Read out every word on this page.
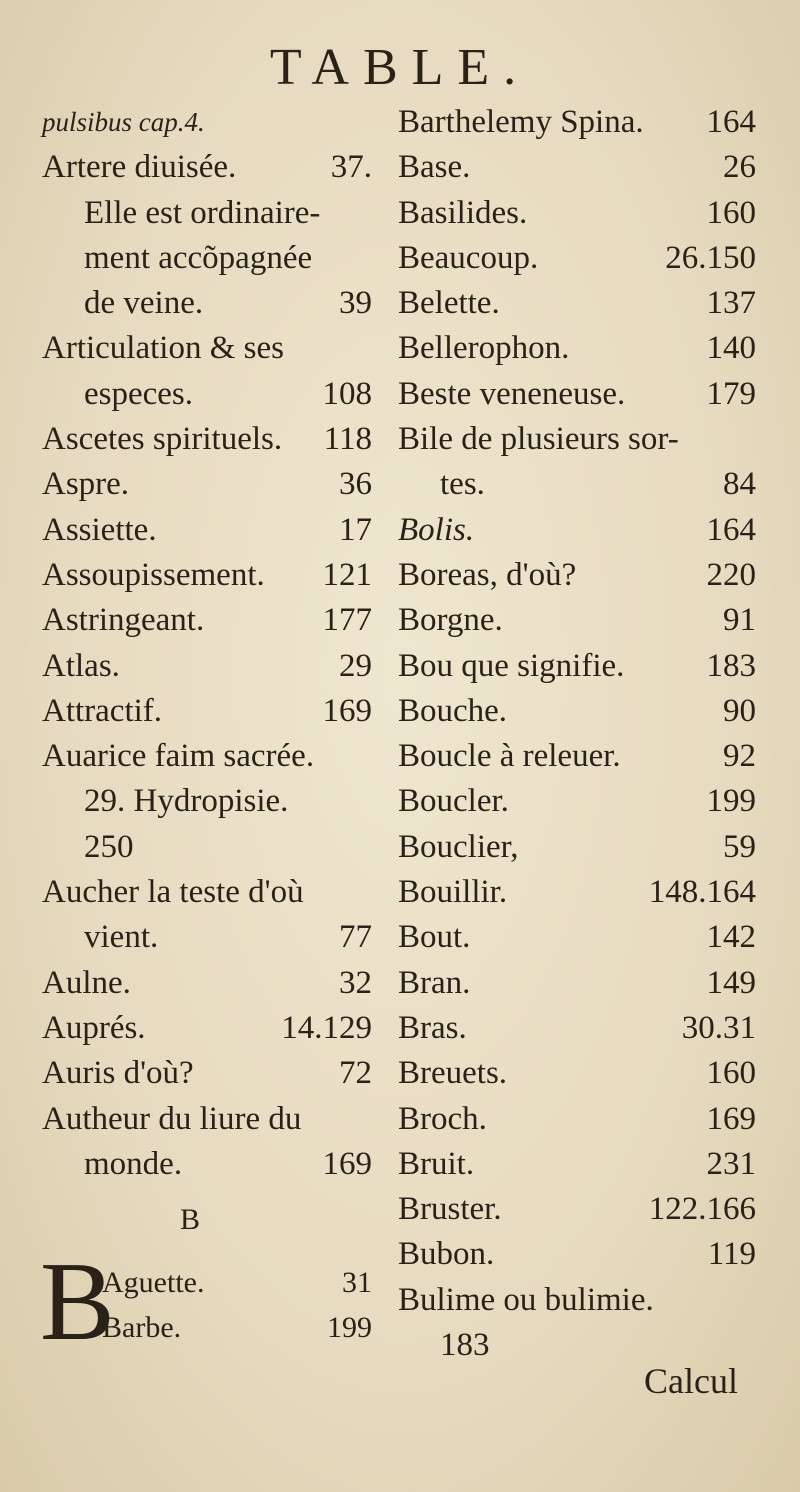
TABLE.
pulsibus cap.4.
Artere diuisée.	37.
Elle est ordinaire-
ment accõpagnée
de veine.	39
Articulation & ses
especes.	108
Ascetes spirituels. 118
Aspre.	36
Assiette.	17
Assoupissement. 121
Astringeant.	177
Atlas.	29
Attractif.	169
Auarice faim sacrée.
29. Hydropisie.
250
Aucher la teste d'où
vient.	77
Aulne.	32
Auprés.	14.129
Auris d'où?	72
Autheur du liure du
monde.	169
Barthelemy Spina. 164
Base.	26
Basilides.	160
Beaucoup.	26.150
Belette.	137
Bellerophon.	140
Beste veneneuse. 179
Bile de plusieurs sor-
tes.	84
Bolis.	164
Boreas, d'où?	220
Borgne.	91
Bou que signifie. 183
Bouche.	90
Boucle à releuer.	92
Boucler.	199
Bouclier,	59
Bouillir.	148.164
Bout.	142
Bran.	149
Bras.	30.31
Breuets.	160
Broch.	169
Bruit.	231
Bruster.	122.166
Bubon.	119
Bulime ou bulimie.
183
B
B
Aguette.	31
Barbe.	199
Calcul
